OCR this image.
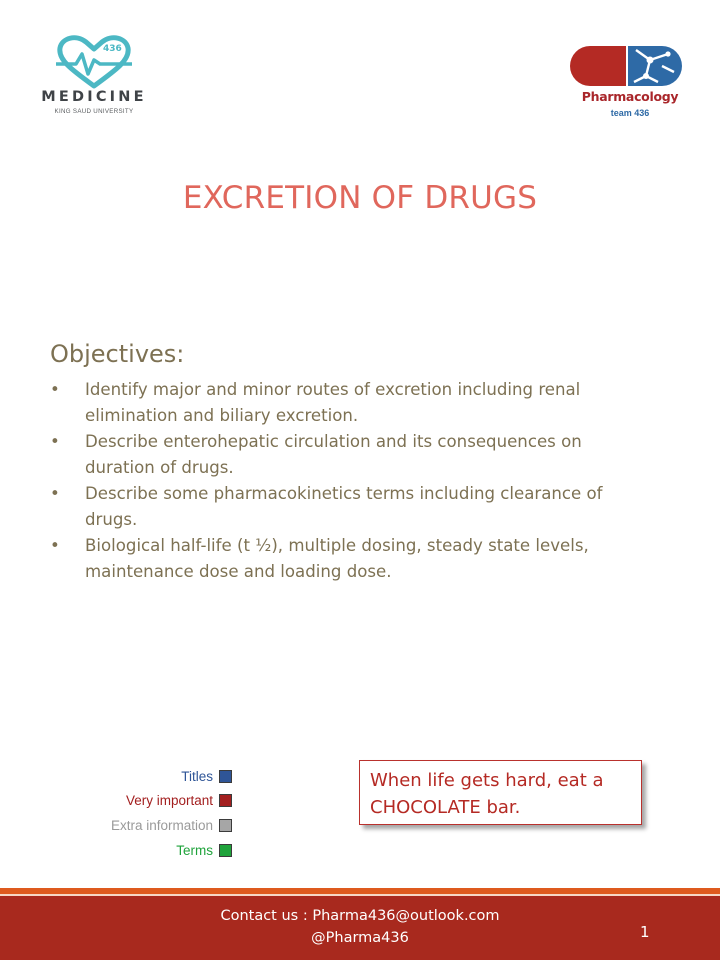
436
MEDICINE
KING SAUD UNIVERSITY
Pharmacology
team 436
EXCRETION OF DRUGS
Objectives:
•	Identify major and minor routes of excretion including renal elimination and biliary excretion.
•	Describe enterohepatic circulation and its consequences on duration of drugs.
•	Describe some pharmacokinetics terms including clearance of drugs.
•	Biological half-life (t ½), multiple dosing, steady state levels, maintenance dose and loading dose.
Titles
Very important
Extra information
Terms
When life gets hard, eat a CHOCOLATE bar.
Contact us : Pharma436@outlook.com
@Pharma436	1
